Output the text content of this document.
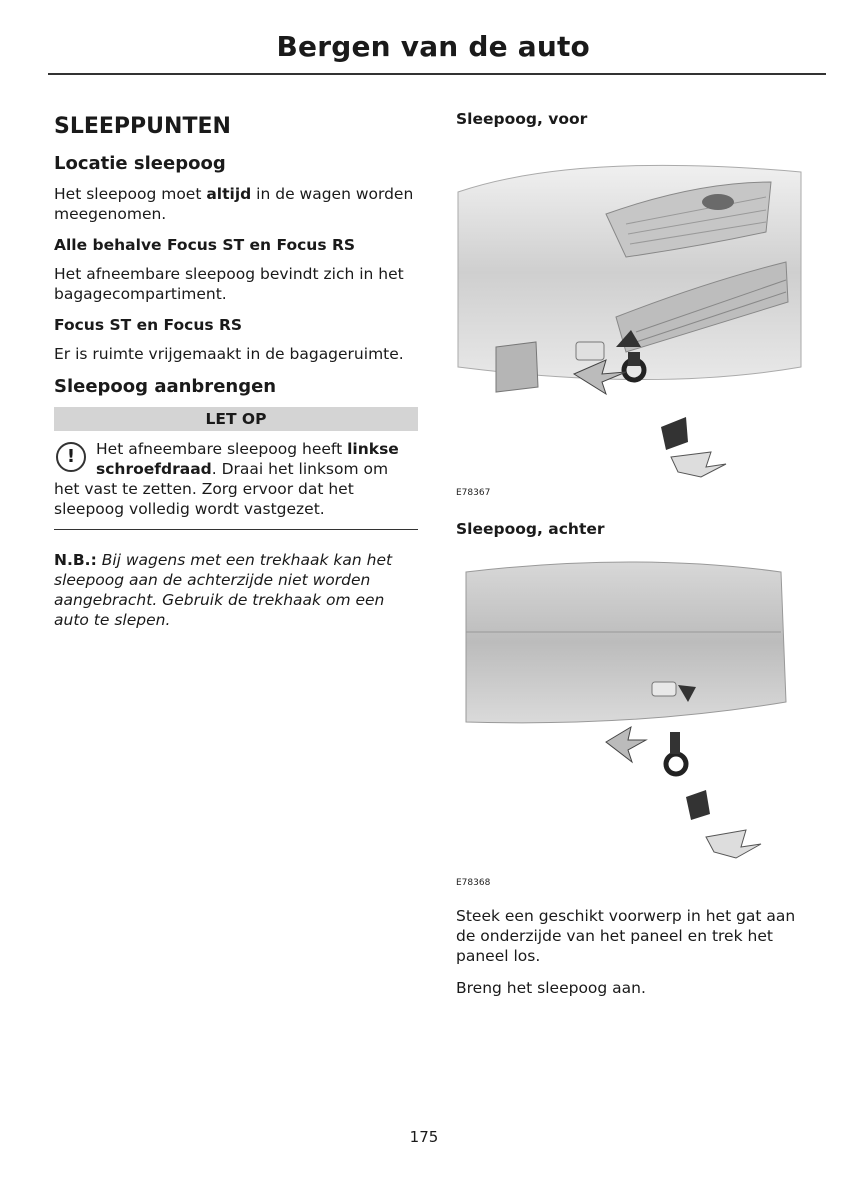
Bergen van de auto
SLEEPPUNTEN
Locatie sleepoog

Het sleepoog moet altijd in de wagen worden meegenomen.

Alle behalve Focus ST en Focus RS

Het afneembare sleepoog bevindt zich in het bagagecompartiment.

Focus ST en Focus RS

Er is ruimte vrijgemaakt in de bagageruimte.

Sleepoog aanbrengen
LET OP
!	Het afneembare sleepoog heeft linkse schroefdraad. Draai het linksom om het vast te zetten. Zorg ervoor dat het sleepoog volledig wordt vastgezet.
N.B.: Bij wagens met een trekhaak kan het sleepoog aan de achterzijde niet worden aangebracht. Gebruik de trekhaak om een auto te slepen.
Sleepoog, voor
E78367
Sleepoog, achter
E78368

Steek een geschikt voorwerp in het gat aan de onderzijde van het paneel en trek het paneel los.

Breng het sleepoog aan.

175
